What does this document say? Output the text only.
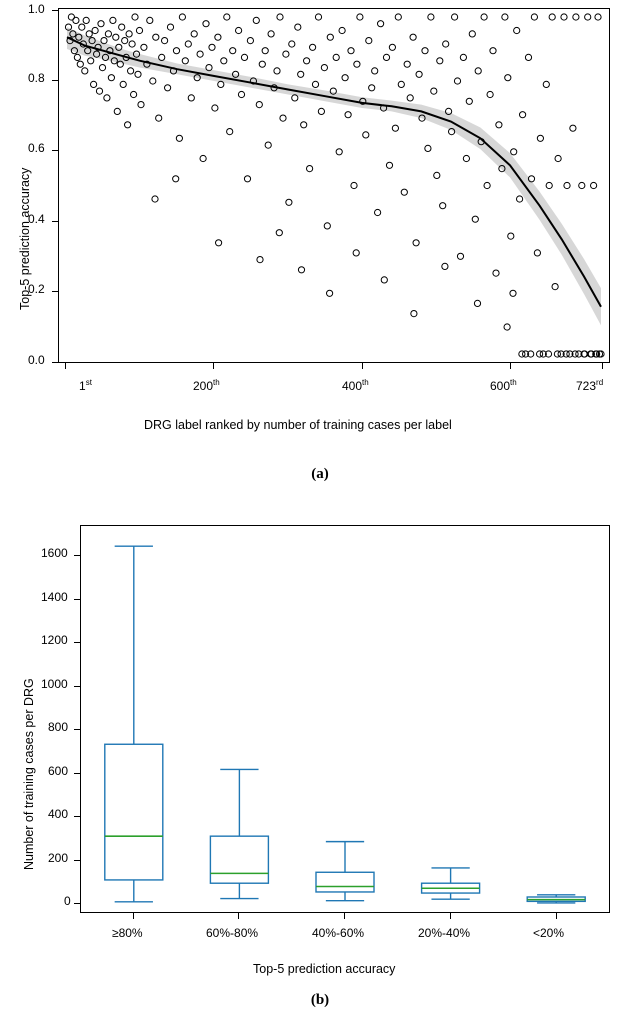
Top-5 prediction accuracy
DRG label ranked by number of training cases per label
0.0
0.2
0.4
0.6
0.8
1.0
1st	200th	400th	600th	723rd
(a)
Number of training cases per DRG
Top-5 prediction accuracy
0
200
400
600
800
1000
1200
1400
1600
≥80%	60%-80%	40%-60%	20%-40%	<20%
(b)
